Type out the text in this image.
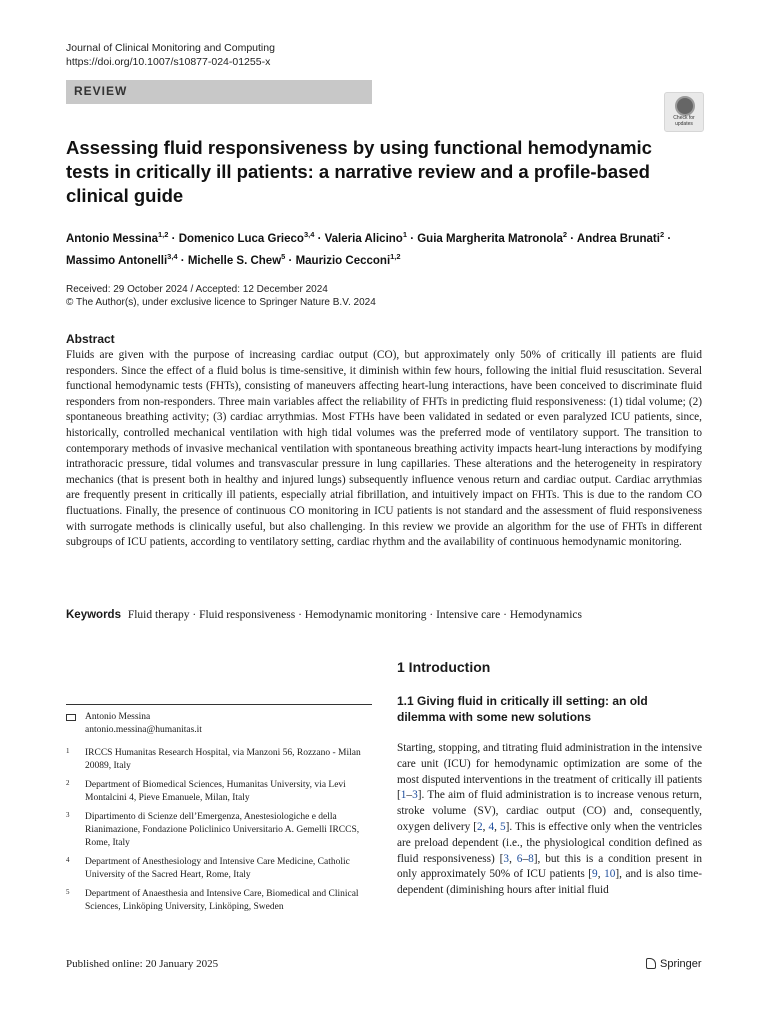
Journal of Clinical Monitoring and Computing
https://doi.org/10.1007/s10877-024-01255-x
REVIEW
Check for updates
Assessing fluid responsiveness by using functional hemodynamic tests in critically ill patients: a narrative review and a profile-based clinical guide
Antonio Messina$^{1,2}$ · Domenico Luca Grieco$^{3,4}$ · Valeria Alicino$^1$ · Guia Margherita Matronola$^2$ · Andrea Brunati$^2$ ·
Massimo Antonelli$^{3,4}$ · Michelle S. Chew$^5$ · Maurizio Cecconi$^{1,2}$
Received: 29 October 2024 / Accepted: 12 December 2024
© The Author(s), under exclusive licence to Springer Nature B.V. 2024
Abstract
Fluids are given with the purpose of increasing cardiac output (CO), but approximately only 50% of critically ill patients are fluid responders. Since the effect of a fluid bolus is time-sensitive, it diminish within few hours, following the initial fluid resuscitation. Several functional hemodynamic tests (FHTs), consisting of maneuvers affecting heart-lung interactions, have been conceived to discriminate fluid responders from non-responders. Three main variables affect the reliability of FHTs in predicting fluid responsiveness: (1) tidal volume; (2) spontaneous breathing activity; (3) cardiac arrythmias. Most FTHs have been validated in sedated or even paralyzed ICU patients, since, historically, controlled mechanical ventilation with high tidal volumes was the preferred mode of ventilatory support. The transition to contemporary methods of invasive mechanical ventilation with spontaneous breathing activity impacts heart-lung interactions by modifying intrathoracic pressure, tidal volumes and transvascular pressure in lung capillaries. These alterations and the heterogeneity in respiratory mechanics (that is present both in healthy and injured lungs) subsequently influence venous return and cardiac output. Cardiac arrythmias are frequently present in critically ill patients, especially atrial fibrillation, and intuitively impact on FHTs. This is due to the random CO fluctuations. Finally, the presence of continuous CO monitoring in ICU patients is not standard and the assessment of fluid responsiveness with surrogate methods is clinically useful, but also challenging. In this review we provide an algorithm for the use of FHTs in different subgroups of ICU patients, according to ventilatory setting, cardiac rhythm and the availability of continuous hemodynamic monitoring.
Keywords Fluid therapy · Fluid responsiveness · Hemodynamic monitoring · Intensive care · Hemodynamics
Antonio Messina
antonio.messina@humanitas.it
1 IRCCS Humanitas Research Hospital, via Manzoni 56, Rozzano - Milan 20089, Italy
2 Department of Biomedical Sciences, Humanitas University, via Levi Montalcini 4, Pieve Emanuele, Milan, Italy
3 Dipartimento di Scienze dell’Emergenza, Anestesiologiche e della Rianimazione, Fondazione Policlinico Universitario A. Gemelli IRCCS, Rome, Italy
4 Department of Anesthesiology and Intensive Care Medicine, Catholic University of the Sacred Heart, Rome, Italy
5 Department of Anaesthesia and Intensive Care, Biomedical and Clinical Sciences, Linköping University, Linköping, Sweden
1 Introduction
1.1 Giving fluid in critically ill setting: an old dilemma with some new solutions
Starting, stopping, and titrating fluid administration in the intensive care unit (ICU) for hemodynamic optimization are some of the most disputed interventions in the treatment of critically ill patients [1–3]. The aim of fluid administration is to increase venous return, stroke volume (SV), cardiac output (CO) and, consequently, oxygen delivery [2, 4, 5]. This is effective only when the ventricles are preload dependent (i.e., the physiological condition defined as fluid responsiveness) [3, 6–8], but this is a condition present in only approximately 50% of ICU patients [9, 10], and is also time-dependent (diminishing hours after initial fluid
Published online: 20 January 2025	Springer
